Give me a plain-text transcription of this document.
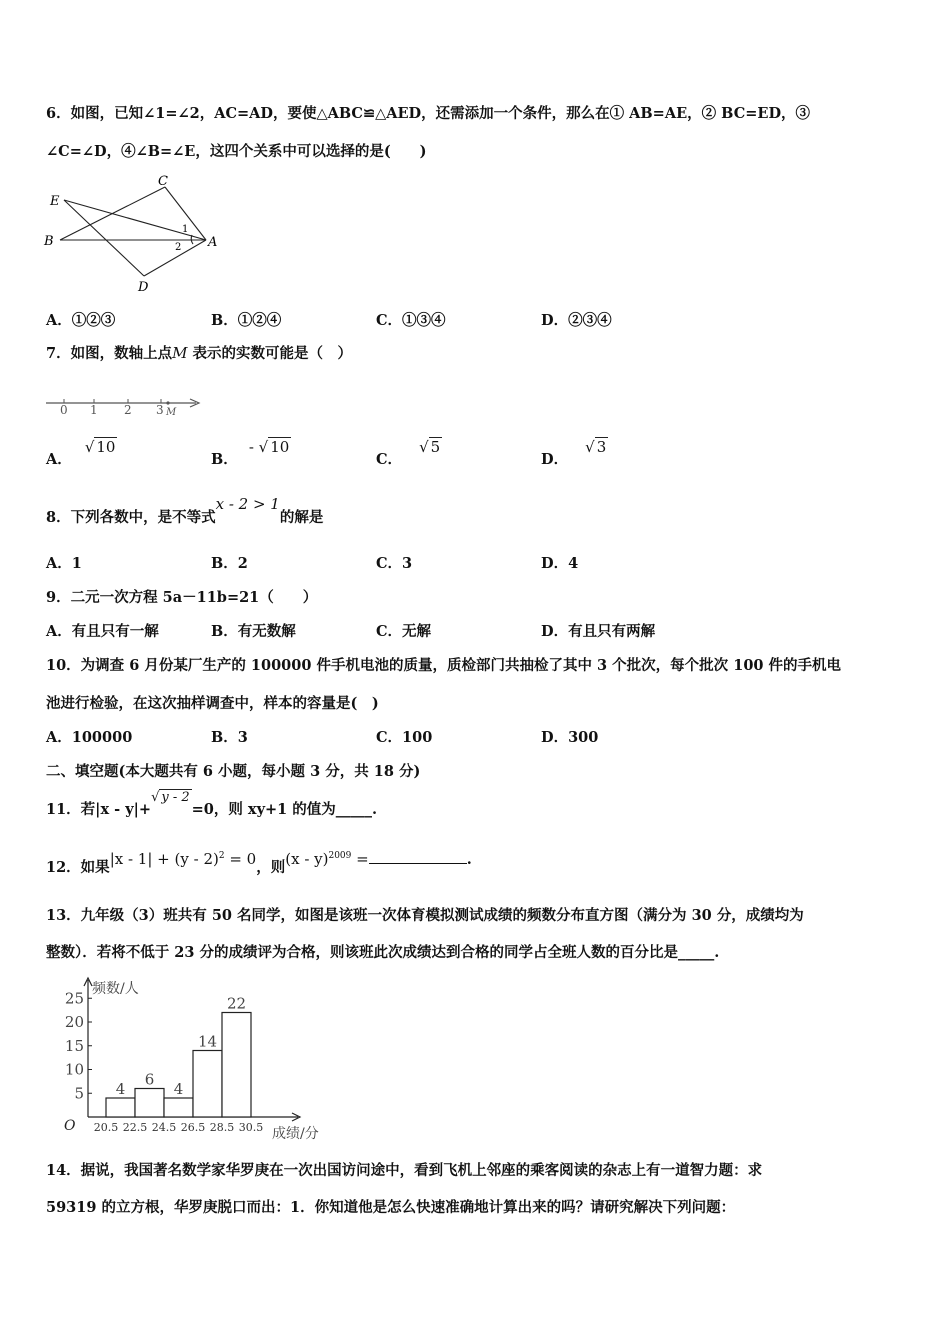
6．如图，已知∠1=∠2，AC=AD，要使△ABC≌△AED，还需添加一个条件，那么在① AB=AE，② BC=ED，③
∠C=∠D，④∠B=∠E，这四个关系中可以选择的是(　　)
E
C
B	A
D
1
2
A．①②③	B．①②④	C．①③④	D．②③④
7．如图，数轴上点M 表示的实数可能是（　）
0 1 2 3 M
A． √ 10
B． - √ 10
C． √ 5
D． √ 3
8．下列各数中，是不等式x - 2 > 1的解是
A．1	B．2	C．3	D．4
9．二元一次方程 5a－11b=21（　　）
A．有且只有一解	B．有无数解	C．无解	D．有且只有两解
10．为调查 6 月份某厂生产的 100000 件手机电池的质量，质检部门共抽检了其中 3 个批次，每个批次 100 件的手机电
池进行检验，在这次抽样调查中，样本的容量是(　)
A．100000	B．3	C．100	D．300
二、填空题(本大题共有 6 小题，每小题 3 分，共 18 分)
11．若|x - y|+√ y - 2=0，则 xy+1 的值为_____.
12．如果|x - 1| + (y - 2)$^2$ = 0，则(x - y)$^{2009}$ =	.
13．九年级（3）班共有 50 名同学，如图是该班一次体育模拟测试成绩的频数分布直方图（满分为 30 分，成绩均为
整数）．若将不低于 23 分的成绩评为合格，则该班此次成绩达到合格的同学占全班人数的百分比是_____.
频数/人
成绩/分
O
5
10
15
20
25
4
6
4
14
22
20.5 22.5 24.5 26.5 28.5 30.5
14．据说，我国著名数学家华罗庚在一次出国访问途中，看到飞机上邻座的乘客阅读的杂志上有一道智力题：求
59319 的立方根，华罗庚脱口而出：1．你知道他是怎么快速准确地计算出来的吗？请研究解决下列问题：
